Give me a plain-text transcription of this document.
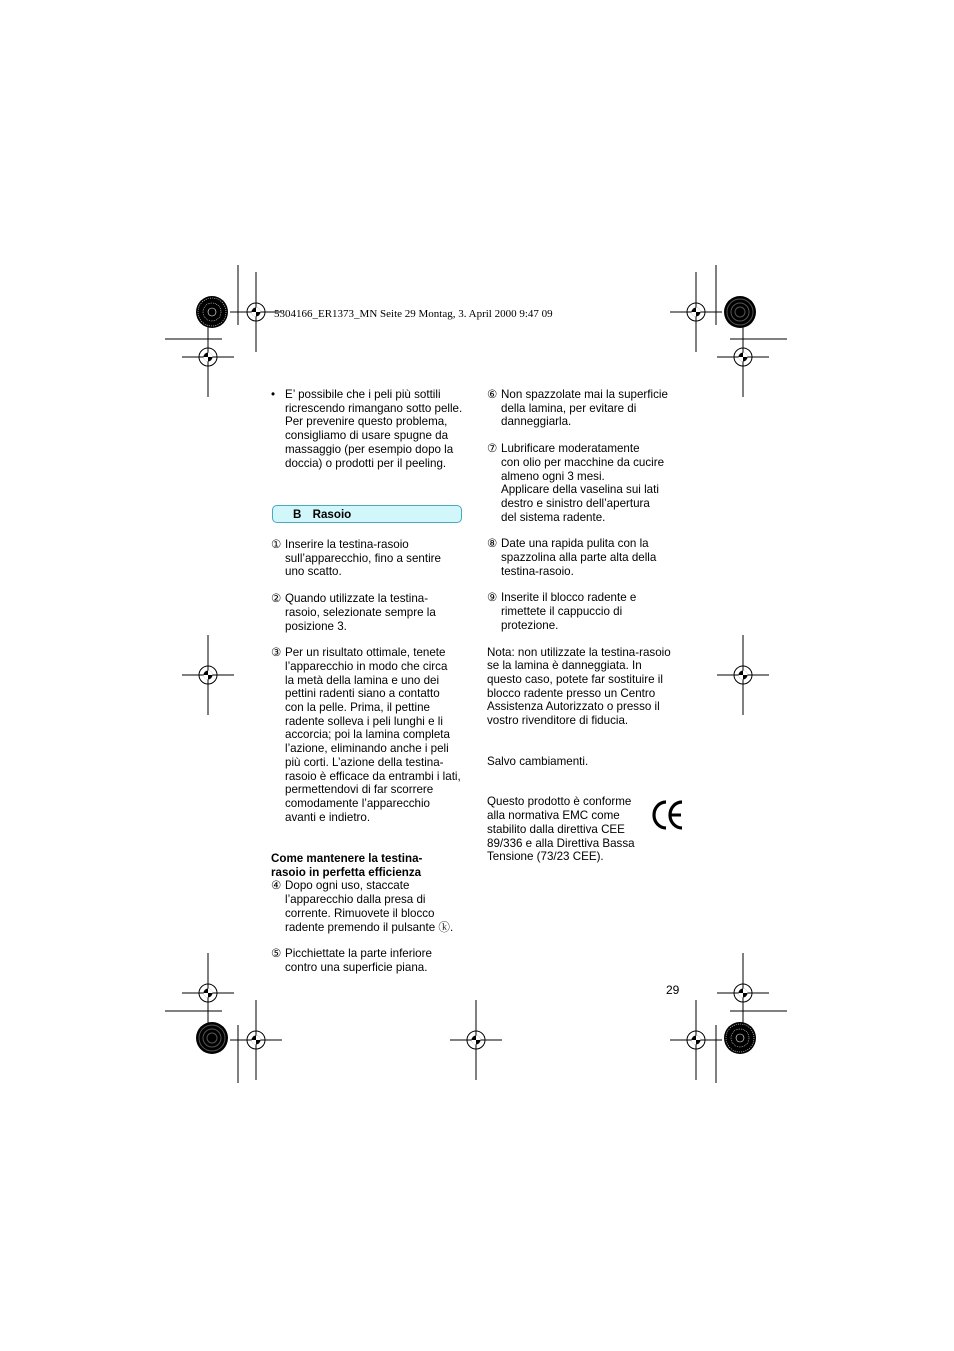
5304166_ER1373_MN Seite 29 Montag, 3. April 2000 9:47 09
• E’ possibile che i peli più sottili

ricrescendo rimangano sotto pelle.

Per prevenire questo problema,

consigliamo di usare spugne da

massaggio (per esempio dopo la

doccia) o prodotti per il peeling.

B Rasoio
① Inserire la testina-rasoio

sull’apparecchio, fino a sentire

uno scatto.

② Quando utilizzate la testina-

rasoio, selezionate sempre la

posizione 3.

③ Per un risultato ottimale, tenete

l’apparecchio in modo che circa

la metà della lamina e uno dei

pettini radenti siano a contatto

con la pelle. Prima, il pettine

radente solleva i peli lunghi e li

accorcia; poi la lamina completa

l’azione, eliminando anche i peli

più corti. L’azione della testina-

rasoio è efficace da entrambi i lati,

permettendovi di far scorrere

comodamente l’apparecchio

avanti e indietro.

Come mantenere la testina-

rasoio in perfetta efficienza

④ Dopo ogni uso, staccate

l’apparecchio dalla presa di

corrente. Rimuovete il blocco

radente premendo il pulsante ⓚ.

⑤ Picchiettate la parte inferiore

contro una superficie piana.

⑥ Non spazzolate mai la superficie

della lamina, per evitare di

danneggiarla.

⑦ Lubrificare moderatamente

con olio per macchine da cucire

almeno ogni 3 mesi.

Applicare della vaselina sui lati

destro e sinistro dell’apertura

del sistema radente.

⑧ Date una rapida pulita con la

spazzolina alla parte alta della

testina-rasoio.

⑨ Inserite il blocco radente e

rimettete il cappuccio di

protezione.

Nota: non utilizzate la testina-rasoio

se la lamina è danneggiata. In

questo caso, potete far sostituire il

blocco radente presso un Centro

Assistenza Autorizzato o presso il

vostro rivenditore di fiducia.

Salvo cambiamenti.

Questo prodotto è conforme

alla normativa EMC come

stabilito dalla direttiva CEE

89/336 e alla Direttiva Bassa

Tensione (73/23 CEE).

29
